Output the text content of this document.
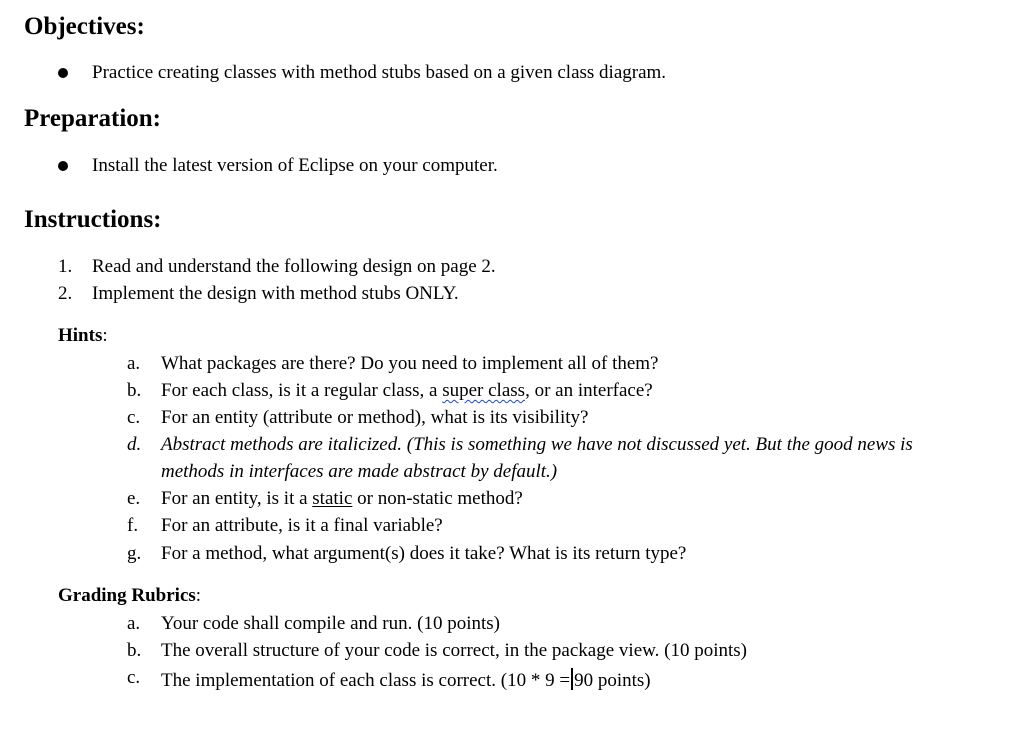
Objectives:
Practice creating classes with method stubs based on a given class diagram.
Preparation:
Install the latest version of Eclipse on your computer.
Instructions:
1. Read and understand the following design on page 2.
2. Implement the design with method stubs ONLY.
Hints:
a. What packages are there? Do you need to implement all of them?
b. For each class, is it a regular class, a super class, or an interface?
c. For an entity (attribute or method), what is its visibility?
d. Abstract methods are italicized. (This is something we have not discussed yet. But the good news is
methods in interfaces are made abstract by default.)
e. For an entity, is it a static or non-static method?
f. For an attribute, is it a final variable?
g. For a method, what argument(s) does it take? What is its return type?
Grading Rubrics:
a. Your code shall compile and run. (10 points)
b. The overall structure of your code is correct, in the package view. (10 points)
c. The implementation of each class is correct. (10 * 9 = 90 points)
